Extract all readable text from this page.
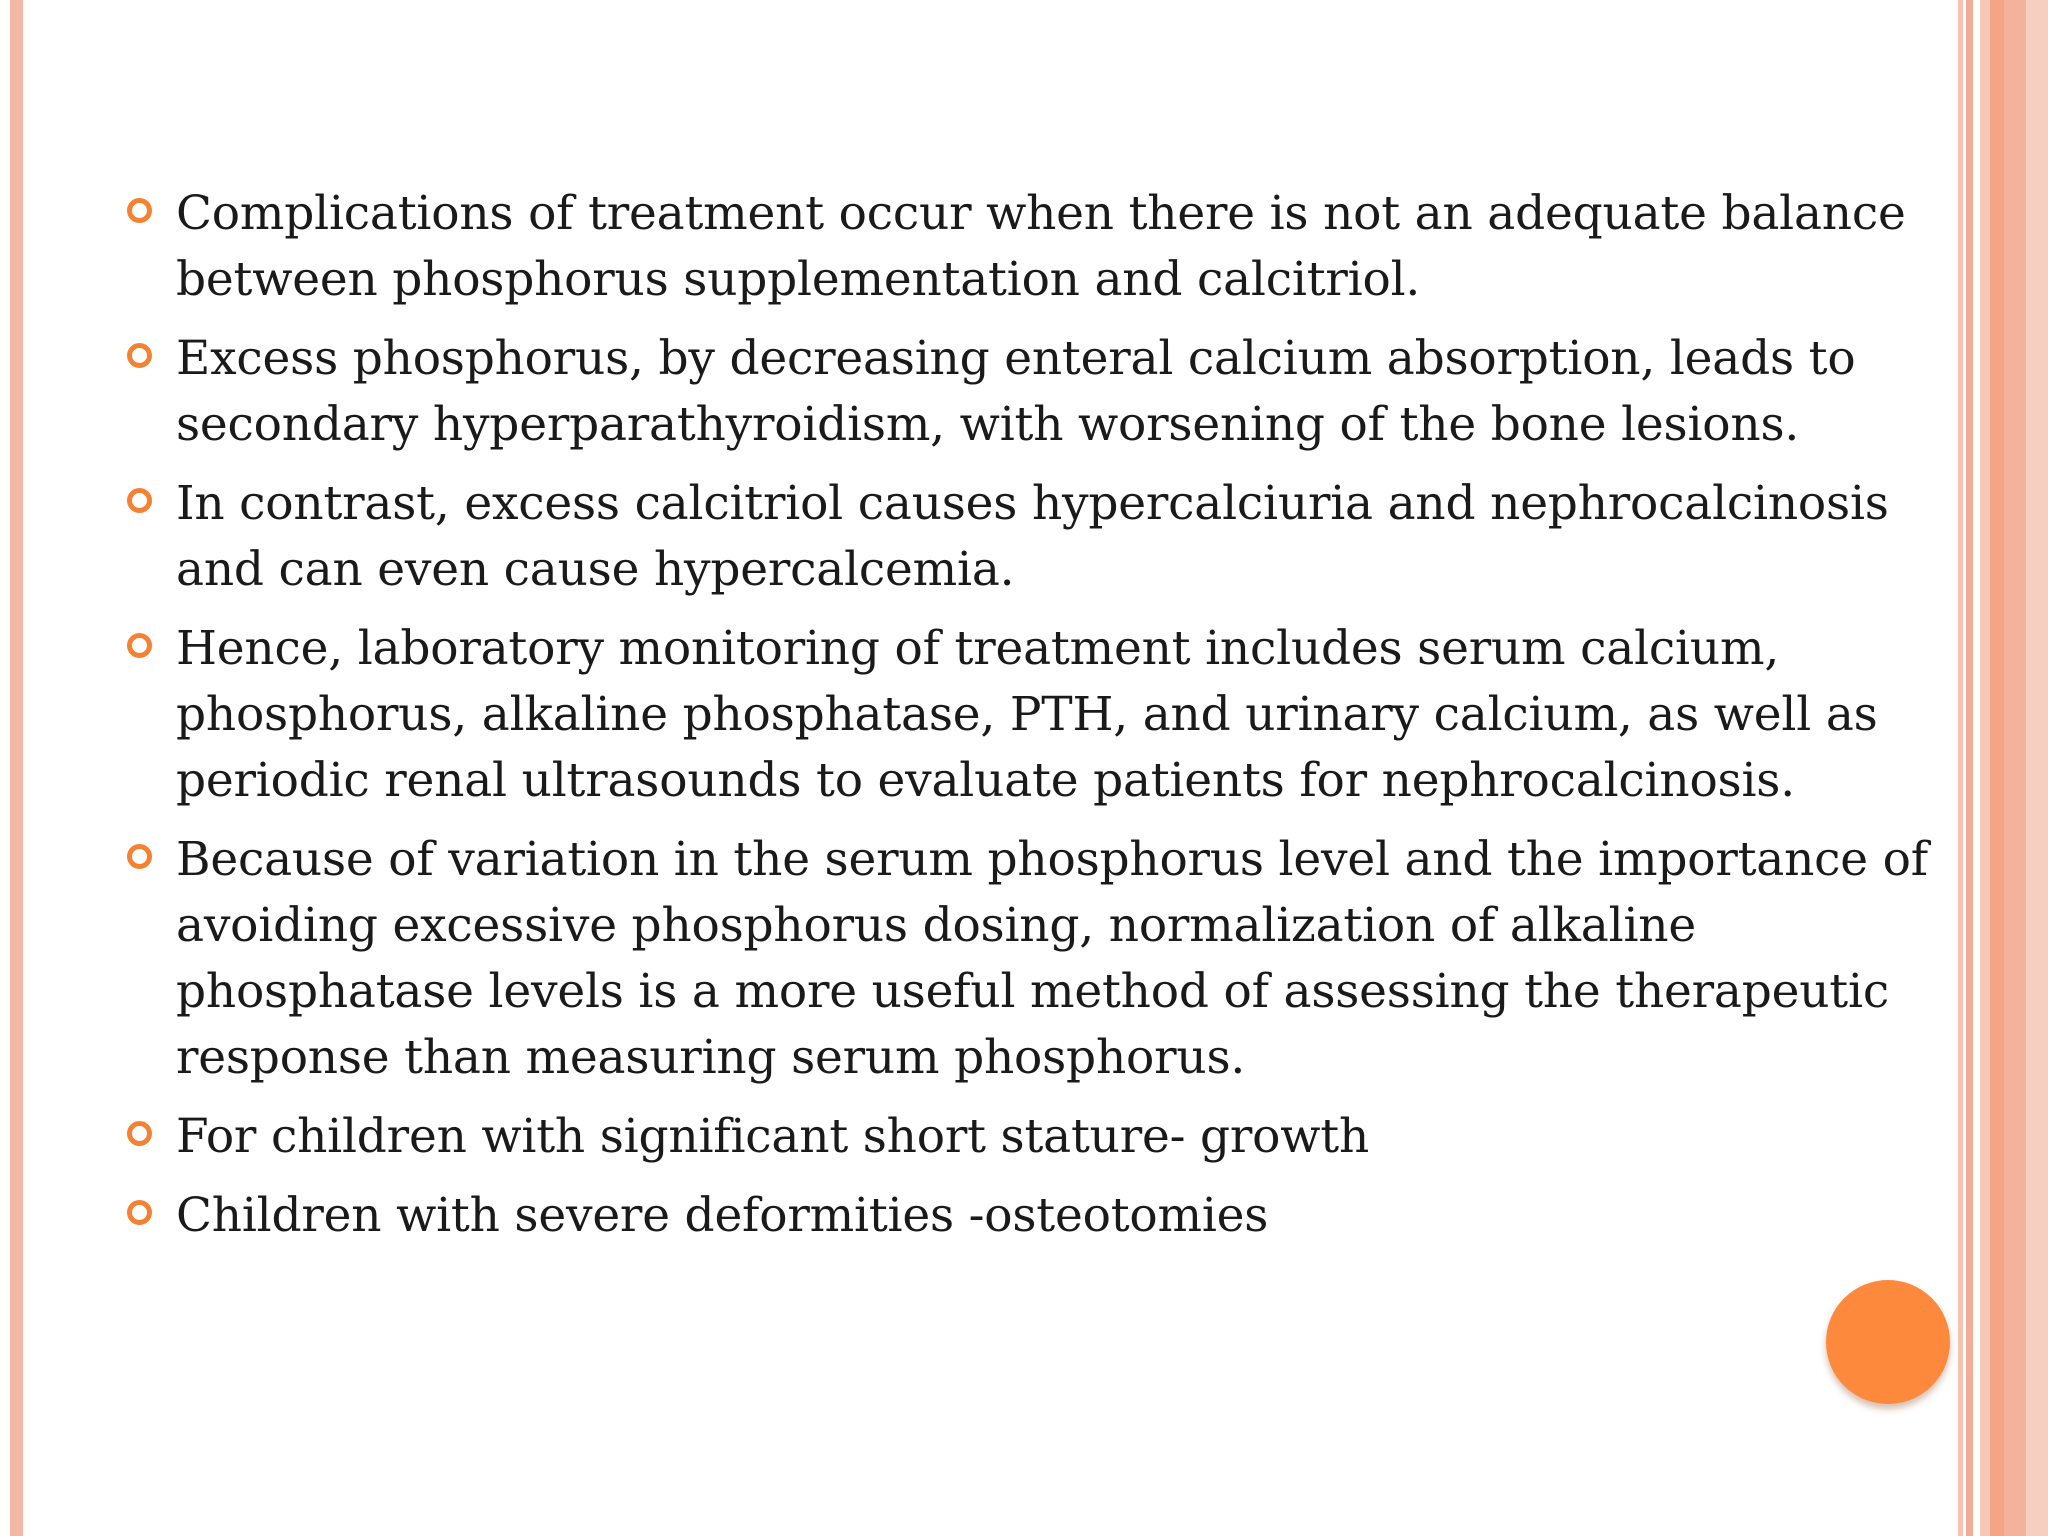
Complications of treatment occur when there is not an adequate balance between phosphorus supplementation and calcitriol.
Excess phosphorus, by decreasing enteral calcium absorption, leads to secondary hyperparathyroidism, with worsening of the bone lesions.
In contrast, excess calcitriol causes hypercalciuria and nephrocalcinosis and can even cause hypercalcemia.
Hence, laboratory monitoring of treatment includes serum calcium, phosphorus, alkaline phosphatase, PTH, and urinary calcium, as well as periodic renal ultrasounds to evaluate patients for nephrocalcinosis.
Because of variation in the serum phosphorus level and the importance of avoiding excessive phosphorus dosing, normalization of alkaline phosphatase levels is a more useful method of assessing the therapeutic response than measuring serum phosphorus.
For children with significant short stature- growth
Children with severe deformities -osteotomies
